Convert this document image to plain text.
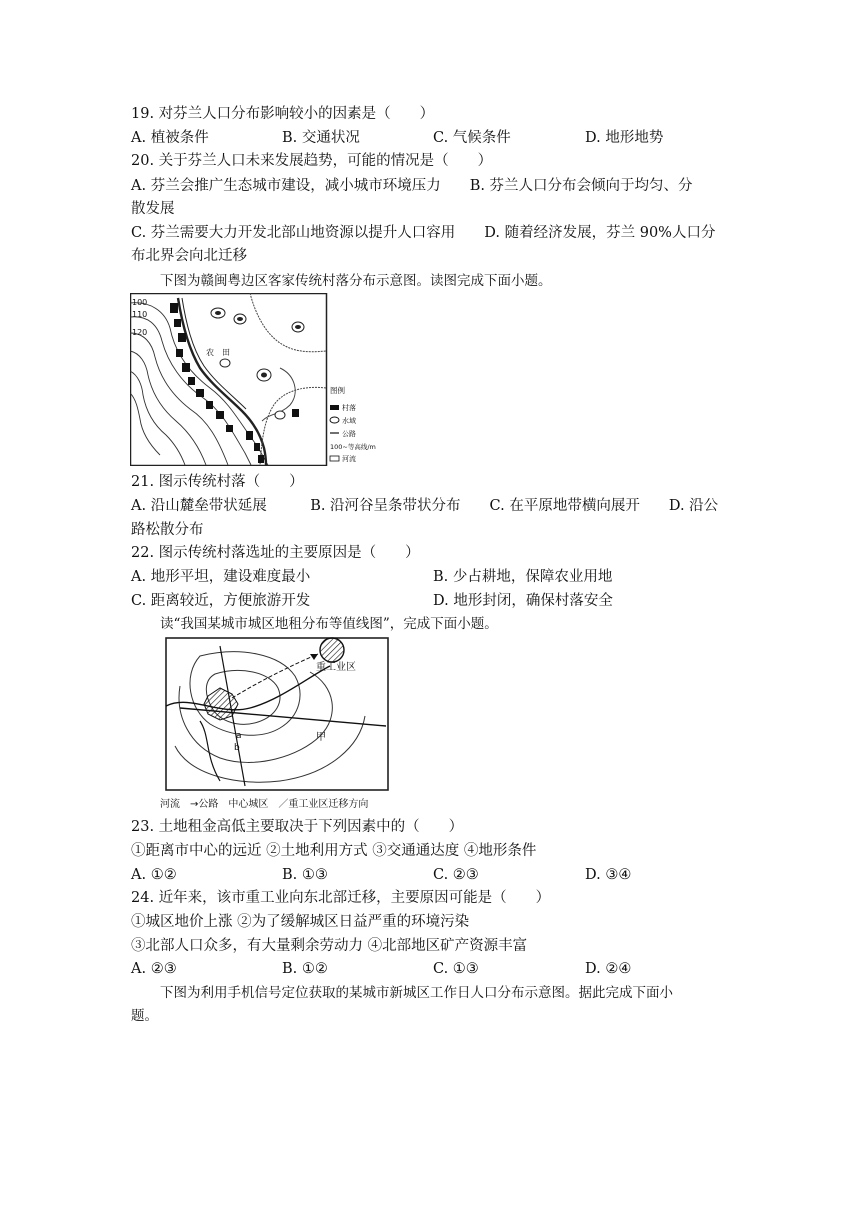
19. 对芬兰人口分布影响较小的因素是（　　）
A. 植被条件	B. 交通状况	C. 气候条件	D. 地形地势
20. 关于芬兰人口未来发展趋势，可能的情况是（　　）
A. 芬兰会推广生态城市建设，减小城市环境压力　　B. 芬兰人口分布会倾向于均匀、分
散发展
C. 芬兰需要大力开发北部山地资源以提升人口容用　　D. 随着经济发展，芬兰 90%人口分
布北界会向北迁移
下图为赣闽粤边区客家传统村落分布示意图。读图完成下面小题。
100
110
120
农　田
图例
村落
水域
公路
100~等高线/m
河流
21. 图示传统村落（　　）
A. 沿山麓垒带状延展　　　B. 沿河谷呈条带状分布　　C. 在平原地带横向展开　　D. 沿公
路松散分布
22. 图示传统村落选址的主要原因是（　　）
A. 地形平坦，建设难度最小	B. 少占耕地，保障农业用地
C. 距离较近，方便旅游开发	D. 地形封闭，确保村落安全
读“我国某城市城区地租分布等值线图”，完成下面小题。
重工业区
a
b
甲
河流　→公路　中心城区　／重工业区迁移方向
23. 土地租金高低主要取决于下列因素中的（　　）
①距离市中心的远近 ②土地利用方式 ③交通通达度 ④地形条件
A. ①②	B. ①③	C. ②③	D. ③④
24. 近年来，该市重工业向东北部迁移，主要原因可能是（　　）
①城区地价上涨 ②为了缓解城区日益严重的环境污染
③北部人口众多，有大量剩余劳动力 ④北部地区矿产资源丰富
A. ②③	B. ①②	C. ①③	D. ②④
下图为利用手机信号定位获取的某城市新城区工作日人口分布示意图。据此完成下面小
题。
